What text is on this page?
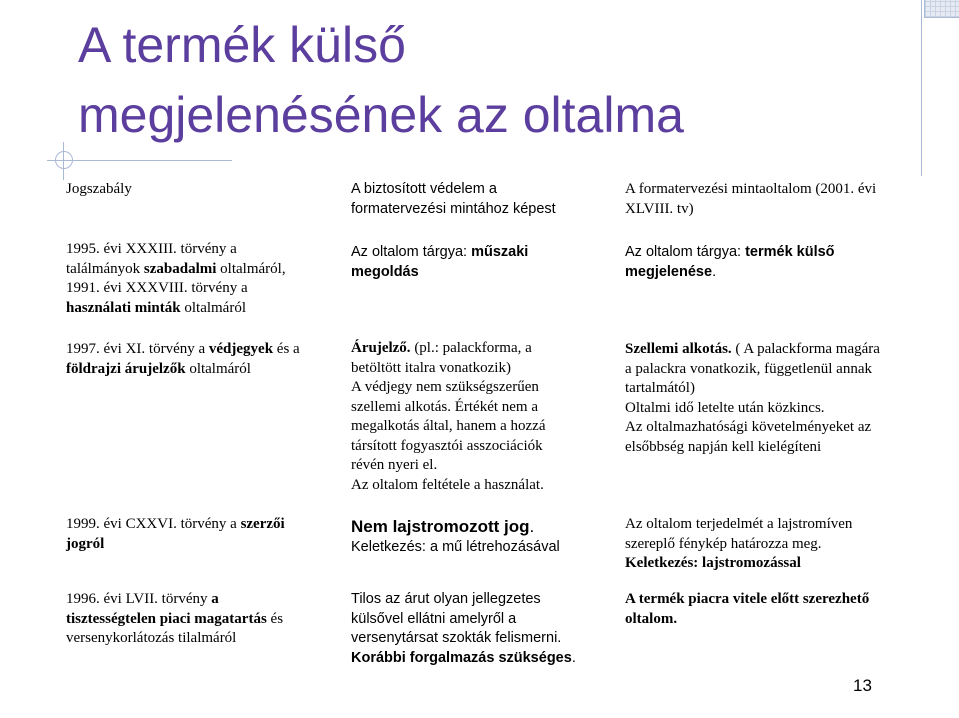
A termék külső
megjelenésének az oltalma
Jogszabály	A biztosított védelem a
formatervezési mintához képest
A formatervezési mintaoltalom (2001. évi
XLVIII. tv)
1995. évi XXXIII. törvény a
találmányok szabadalmi oltalmáról,
1991. évi XXXVIII. törvény a
használati minták oltalmáról
Az oltalom tárgya: műszaki
megoldás
Az oltalom tárgya: termék külső
megjelenése.
1997. évi XI. törvény a védjegyek és a
földrajzi árujelzők oltalmáról
Árujelző. (pl.: palackforma, a
betöltött italra vonatkozik)
A védjegy nem szükségszerűen
szellemi alkotás. Értékét nem a
megalkotás által, hanem a hozzá
társított fogyasztói asszociációk
révén nyeri el.
Az oltalom feltétele a használat.
Szellemi alkotás. ( A palackforma magára
a palackra vonatkozik, függetlenül annak
tartalmától)
Oltalmi idő letelte után közkincs.
Az oltalmazhatósági követelményeket az
elsőbbség napján kell kielégíteni
1999. évi CXXVI. törvény a szerzői
jogról
Nem lajstromozott jog.
Keletkezés: a mű létrehozásával
Az oltalom terjedelmét a lajstromíven
szereplő fénykép határozza meg.
Keletkezés: lajstromozással
1996. évi LVII. törvény a
tisztességtelen piaci magatartás és
versenykorlátozás tilalmáról
Tilos az árut olyan jellegzetes
külsővel ellátni amelyről a
versenytársat szokták felismerni.
Korábbi forgalmazás szükséges.
A termék piacra vitele előtt szerezhető
oltalom.
13
